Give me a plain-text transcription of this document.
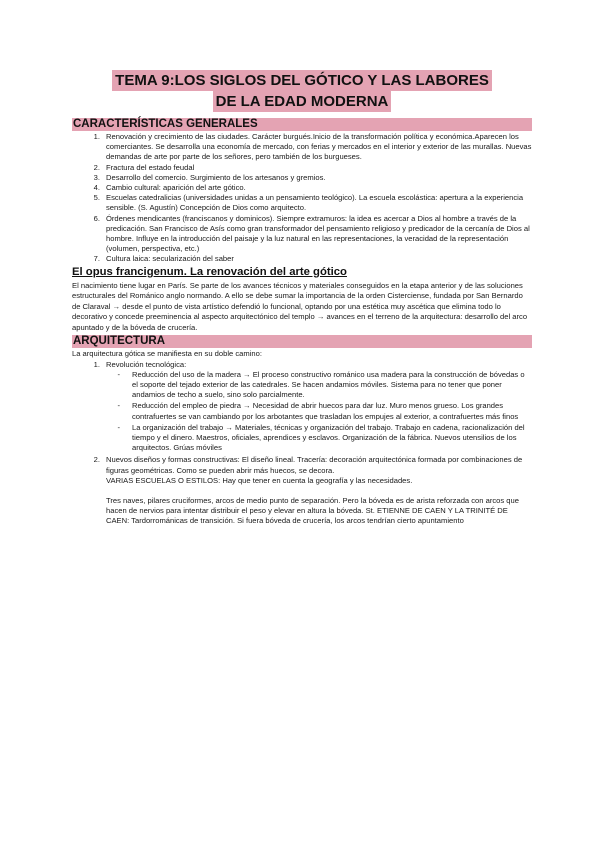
TEMA 9:LOS SIGLOS DEL GÓTICO Y LAS LABORES
DE LA EDAD MODERNA
CARACTERÍSTICAS GENERALES
1. Renovación y crecimiento de las ciudades. Carácter burgués.Inicio de la transformación política y económica.Aparecen los comerciantes. Se desarrolla una economía de mercado, con ferias y mercados en el interior y exterior de las murallas. Nuevas demandas de arte por parte de los señores, pero también de los burgueses.
2. Fractura del estado feudal
3. Desarrollo del comercio. Surgimiento de los artesanos y gremios.
4. Cambio cultural: aparición del arte gótico.
5. Escuelas catedralicias (universidades unidas a un pensamiento teológico). La escuela escolástica: apertura a la experiencia sensible. (S. Agustín) Concepción de Dios como arquitecto.
6. Órdenes mendicantes (franciscanos y dominicos). Siempre extramuros: la idea es acercar a Dios al hombre a través de la predicación. San Francisco de Asís como gran transformador del pensamiento religioso y predicador de la cercanía de Dios al hombre. Influye en la introducción del paisaje y la luz natural en las representaciones, la veracidad de la representación (volumen, perspectiva, etc.)
7. Cultura laica: secularización del saber
El opus francigenum. La renovación del arte gótico

El nacimiento tiene lugar en París. Se parte de los avances técnicos y materiales conseguidos en la etapa anterior y de las soluciones estructurales del Románico anglo normando. A ello se debe sumar la importancia de la orden Cisterciense, fundada por San Bernardo de Claraval → desde el punto de vista artístico defendió lo funcional, optando por una estética muy ascética que elimina todo lo decorativo y concede preeminencia al aspecto arquitectónico del templo → avances en el terreno de la arquitectura: desarrollo del arco apuntado y de la bóveda de crucería.

ARQUITECTURA

La arquitectura gótica se manifiesta en su doble camino:

1. Revolución tecnológica:
-	Reducción del uso de la madera → El proceso constructivo románico usa madera para la construcción de bóvedas o el soporte del tejado exterior de las catedrales. Se hacen andamios móviles. Sistema para no tener que poner andamios de techo a suelo, sino solo parcialmente.
-	Reducción del empleo de piedra → Necesidad de abrir huecos para dar luz. Muro menos grueso. Los grandes contrafuertes se van cambiando por los arbotantes que trasladan los empujes al exterior, a contrafuertes más finos
-	La organización del trabajo → Materiales, técnicas y organización del trabajo. Trabajo en cadena, racionalización del tiempo y el dinero. Maestros, oficiales, aprendices y esclavos. Organización de la fábrica. Nuevos utensilios de los arquitectos. Grúas móviles
2. Nuevos diseños y formas constructivas: El diseño lineal. Tracería: decoración arquitectónica formada por combinaciones de figuras geométricas. Como se pueden abrir más huecos, se decora.
VARIAS ESCUELAS O ESTILOS: Hay que tener en cuenta la geografía y las necesidades.
Tres naves, pilares cruciformes, arcos de medio punto de separación. Pero la bóveda es de arista reforzada con arcos que hacen de nervios para intentar distribuir el peso y elevar en altura la bóveda. St. ETIENNE DE CAEN Y LA TRINITÉ DE CAEN: Tardorrománicas de transición. Si fuera bóveda de crucería, los arcos tendrían cierto apuntamiento
